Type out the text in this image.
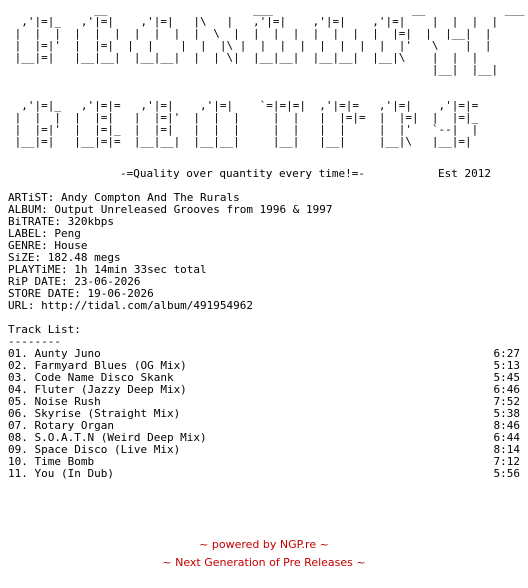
__                      ___                     __            ___
,'|=|_   ,'|=|    ,'|=|   |\   |   ,'|=|    ,'|=|    ,'|=|    |  |  |  |
|  |  |  |  |  |  |  |  |  |  \  |  |  |  |  |  |  |  |  |=|  |  |__|  |
|  |=|'  |  |=|  |  |    |  |  |\ |  |  |  |  |  |  |  |  |'   \    |  |
|__|=|   |__|__|  |__|__|  |  | \|  |__|__|  |__|__|  |__|\    |  |  |
|__|  |__|

,'|=|_   ,'|=|=   ,'|=|    ,'|=|    `=|=|=|  ,'|=|=   ,'|=|    ,'|=|=
|  |  |  |  |=|   |  |=|'  |  |  |     |  |   |  |=|=  |  |=|  |  |=|_
|  |=|'  |  |=|_  |  |=|   |  |  |     |  |   |  |     |  |'   `--|  |
|__|=|   |__|=|=  |__|__|  |__|__|     |__|   |__|     |__|\   |__|=|
-=Quality over quantity every time!=-	Est 2012
ARTiST: Andy Compton And The Rurals
ALBUM: Output Unreleased Grooves from 1996 & 1997
BiTRATE: 320kbps
LABEL: Peng
GENRE: House
SiZE: 182.48 megs
PLAYTiME: 1h 14min 33sec total
RiP DATE: 23-06-2026
STORE DATE: 19-06-2026
URL: http://tidal.com/album/491954962
Track List:
--------
01. Aunty Juno	6:27
02. Farmyard Blues (OG Mix)	5:13
03. Code Name Disco Skank	5:45
04. Fluter (Jazzy Deep Mix)	6:46
05. Noise Rush	7:52
06. Skyrise (Straight Mix)	5:38
07. Rotary Organ	8:46
08. S.O.A.T.N (Weird Deep Mix)	6:44
09. Space Disco (Live Mix)	8:14
10. Time Bomb	7:12
11. You (In Dub)	5:56
~ powered by NGP.re ~
~ Next Generation of Pre Releases ~
